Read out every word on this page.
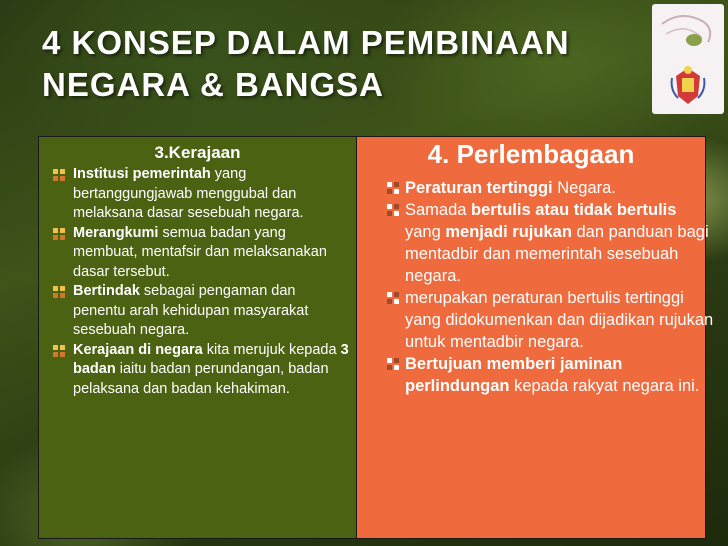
4 KONSEP DALAM PEMBINAAN
NEGARA & BANGSA
3.Kerajaan
Institusi pemerintah yang bertanggungjawab menggubal dan melaksana dasar sesebuah negara.
Merangkumi semua badan yang membuat, mentafsir dan melaksanakan dasar tersebut.
Bertindak sebagai pengaman dan penentu arah kehidupan masyarakat sesebuah negara.
Kerajaan di negara kita merujuk kepada 3 badan iaitu badan perundangan, badan pelaksana dan badan kehakiman.
4. Perlembagaan
Peraturan tertinggi Negara.
Samada bertulis atau tidak bertulis yang menjadi rujukan dan panduan bagi mentadbir dan memerintah sesebuah negara.
merupakan peraturan bertulis tertinggi yang didokumenkan dan dijadikan rujukan untuk mentadbir negara.
Bertujuan memberi jaminan perlindungan kepada rakyat negara ini.
